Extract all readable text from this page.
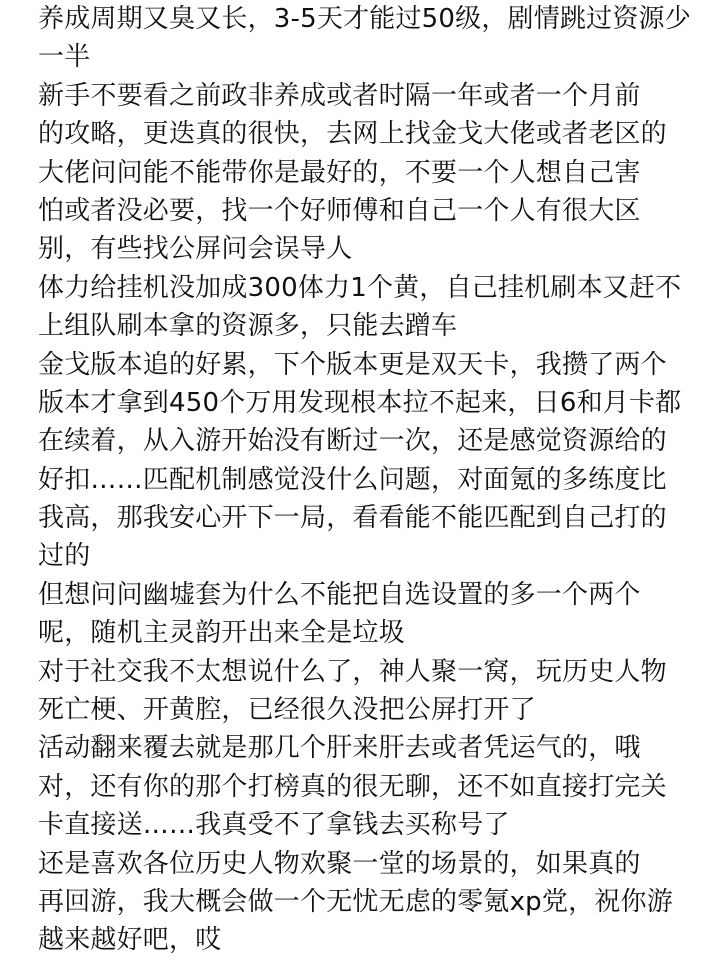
养成周期又臭又长，3-5天才能过50级，剧情跳过资源少
一半
新手不要看之前政非养成或者时隔一年或者一个月前
的攻略，更迭真的很快，去网上找金戈大佬或者老区的
大佬问问能不能带你是最好的，不要一个人想自己害
怕或者没必要，找一个好师傅和自己一个人有很大区
别，有些找公屏问会误导人
体力给挂机没加成300体力1个黄，自己挂机刷本又赶不
上组队刷本拿的资源多，只能去蹭车
金戈版本追的好累，下个版本更是双天卡，我攒了两个
版本才拿到450个万用发现根本拉不起来，日6和月卡都
在续着，从入游开始没有断过一次，还是感觉资源给的
好扣……匹配机制感觉没什么问题，对面氪的多练度比
我高，那我安心开下一局，看看能不能匹配到自己打的
过的
但想问问幽墟套为什么不能把自选设置的多一个两个
呢，随机主灵韵开出来全是垃圾
对于社交我不太想说什么了，神人聚一窝，玩历史人物
死亡梗、开黄腔，已经很久没把公屏打开了
活动翻来覆去就是那几个肝来肝去或者凭运气的，哦
对，还有你的那个打榜真的很无聊，还不如直接打完关
卡直接送……我真受不了拿钱去买称号了
还是喜欢各位历史人物欢聚一堂的场景的，如果真的
再回游，我大概会做一个无忧无虑的零氪xp党，祝你游
越来越好吧，哎
